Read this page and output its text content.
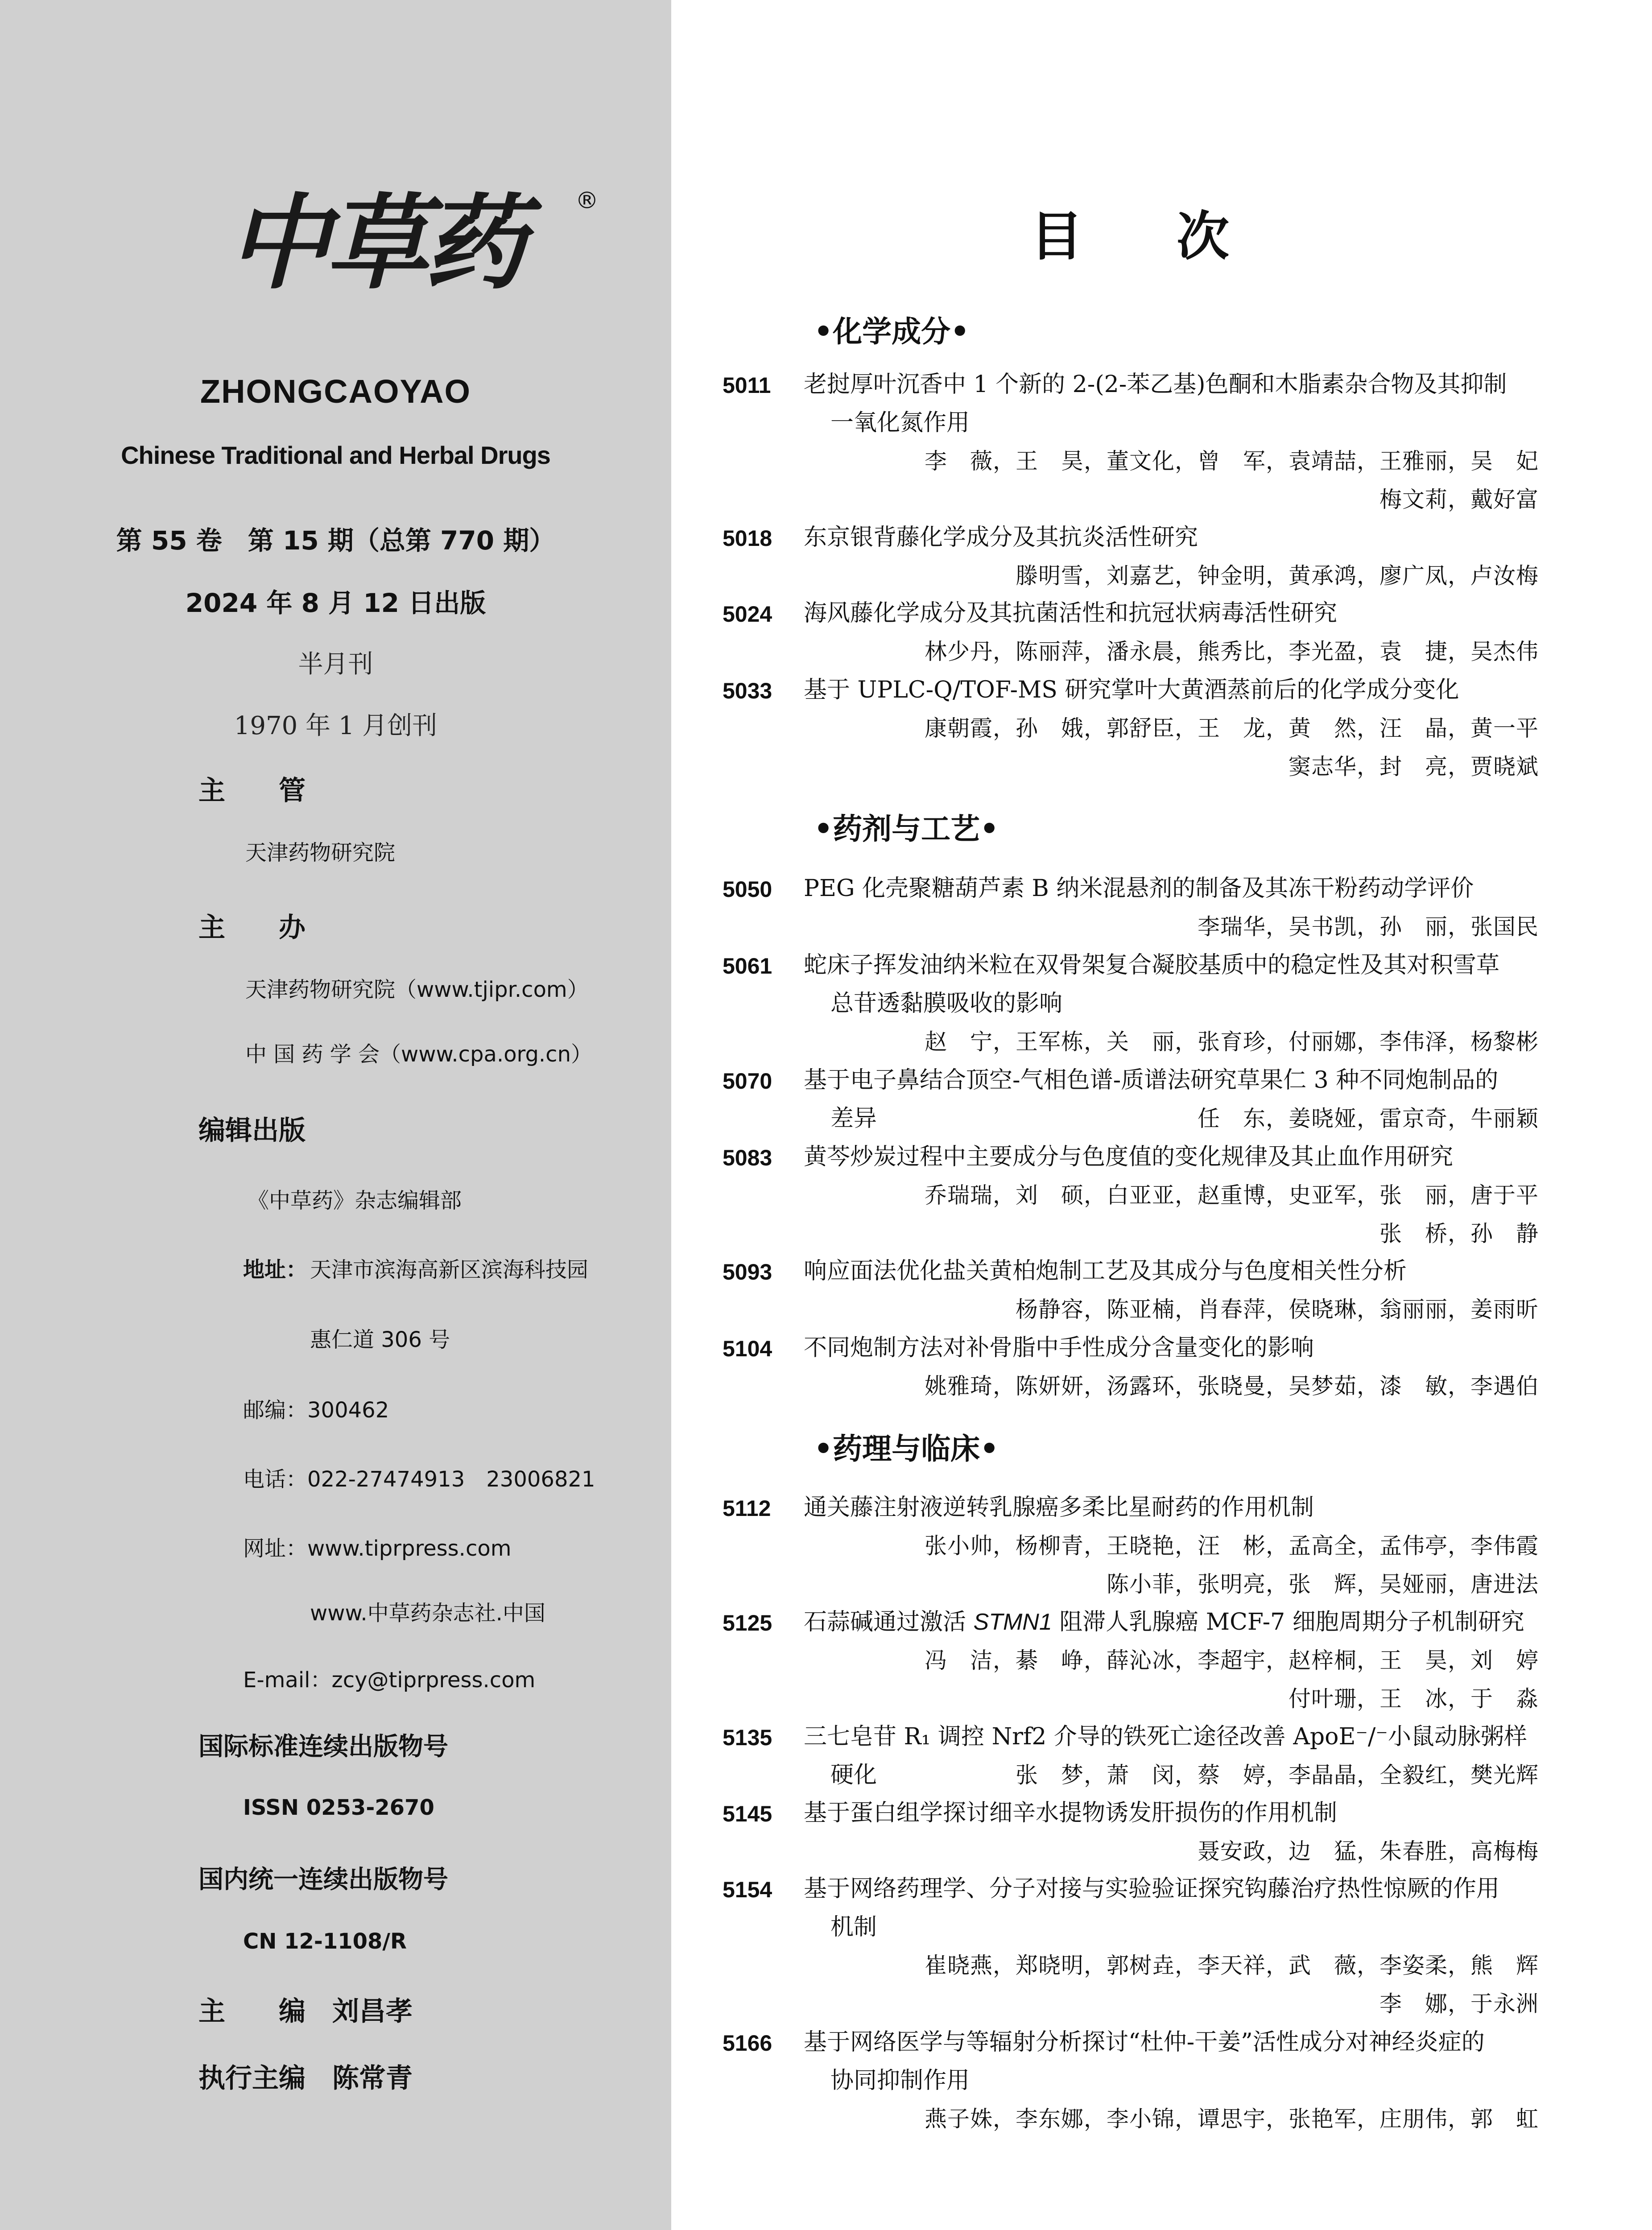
中草药	®
ZHONGCAOYAO
Chinese Traditional and Herbal Drugs
第 55 卷　第 15 期（总第 770 期）
2024 年 8 月 12 日出版
半月刊
1970 年 1 月创刊
主　　管
天津药物研究院
主　　办
天津药物研究院（www.tjipr.com）
中 国 药 学 会（www.cpa.org.cn）
编辑出版
《中草药》杂志编辑部
地址： 天津市滨海高新区滨海科技园
惠仁道 306 号
邮编：300462
电话：022-27474913　23006821
网址：www.tiprpress.com
www.中草药杂志社.中国
E-mail：zcy@tiprpress.com
国际标准连续出版物号
ISSN 0253-2670
国内统一连续出版物号
CN 12-1108/R
主　　编　刘昌孝
执行主编　陈常青
目次
•化学成分•
•药剂与工艺•
•药理与临床•
5011 老挝厚叶沉香中 1 个新的 2-(2-苯乙基)色酮和木脂素杂合物及其抑制
一氧化氮作用
李　薇，王　昊，董文化，曾　军，袁靖喆，王雅丽，吴　妃
梅文莉，戴好富
5018 东京银背藤化学成分及其抗炎活性研究
滕明雪，刘嘉艺，钟金明，黄承鸿，廖广凤，卢汝梅
5024 海风藤化学成分及其抗菌活性和抗冠状病毒活性研究
林少丹，陈丽萍，潘永晨，熊秀比，李光盈，袁　捷，吴杰伟
5033 基于 UPLC-Q/TOF-MS 研究掌叶大黄酒蒸前后的化学成分变化
康朝霞，孙　娥，郭舒臣，王　龙，黄　然，汪　晶，黄一平
窦志华，封　亮，贾晓斌
5050 PEG 化壳聚糖葫芦素 B 纳米混悬剂的制备及其冻干粉药动学评价
李瑞华，吴书凯，孙　丽，张国民
5061 蛇床子挥发油纳米粒在双骨架复合凝胶基质中的稳定性及其对积雪草
总苷透黏膜吸收的影响
赵　宁，王军栋，关　丽，张育珍，付丽娜，李伟泽，杨黎彬
5070 基于电子鼻结合顶空-气相色谱-质谱法研究草果仁 3 种不同炮制品的
差异	任　东，姜晓娅，雷京奇，牛丽颖
5083 黄芩炒炭过程中主要成分与色度值的变化规律及其止血作用研究
乔瑞瑞，刘　硕，白亚亚，赵重博，史亚军，张　丽，唐于平
张　桥，孙　静
5093 响应面法优化盐关黄柏炮制工艺及其成分与色度相关性分析
杨静容，陈亚楠，肖春萍，侯晓琳，翁丽丽，姜雨昕
5104 不同炮制方法对补骨脂中手性成分含量变化的影响
姚雅琦，陈妍妍，汤露环，张晓曼，吴梦茹，漆　敏，李遇伯
5112 通关藤注射液逆转乳腺癌多柔比星耐药的作用机制
张小帅，杨柳青，王晓艳，汪　彬，孟高全，孟伟亭，李伟霞
陈小菲，张明亮，张　辉，吴娅丽，唐进法
5125 石蒜碱通过激活 STMN1 阻滞人乳腺癌 MCF-7 细胞周期分子机制研究
冯　洁，綦　峥，薛沁冰，李超宇，赵梓桐，王　昊，刘　婷
付叶珊，王　冰，于　淼
5135 三七皂苷 R₁ 调控 Nrf2 介导的铁死亡途径改善 ApoE⁻/⁻小鼠动脉粥样
硬化	张　梦，萧　闵，蔡　婷，李晶晶，全毅红，樊光辉
5145 基于蛋白组学探讨细辛水提物诱发肝损伤的作用机制
聂安政，边　猛，朱春胜，高梅梅
5154 基于网络药理学、分子对接与实验验证探究钩藤治疗热性惊厥的作用
机制
崔晓燕，郑晓明，郭树垚，李天祥，武　薇，李姿柔，熊　辉
李　娜，于永洲
5166 基于网络医学与等辐射分析探讨“杜仲-干姜”活性成分对神经炎症的
协同抑制作用
燕子姝，李东娜，李小锦，谭思宇，张艳军，庄朋伟，郭　虹
